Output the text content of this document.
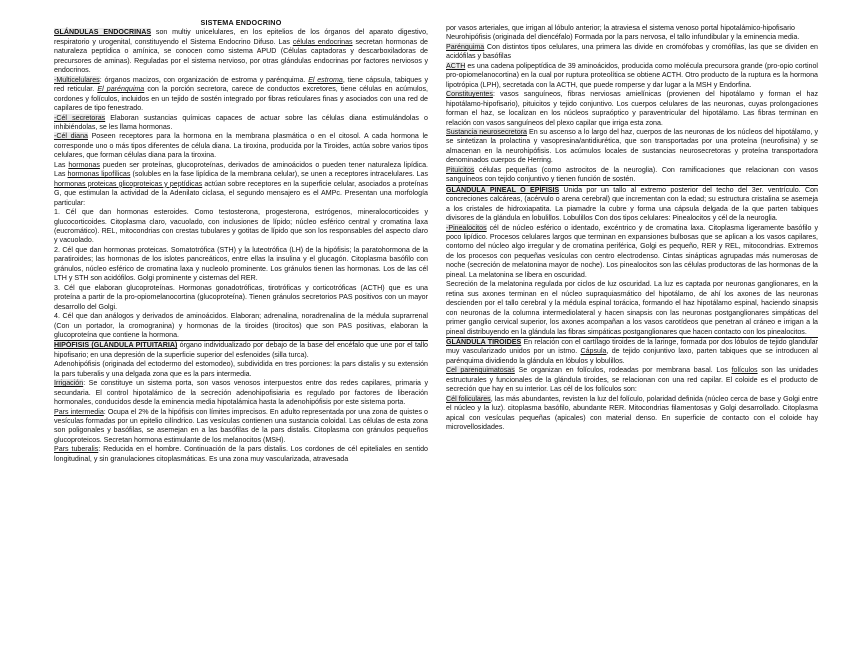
SISTEMA ENDOCRINO

GLÁNDULAS ENDOCRINAS son multiy unicelulares, en los epitelios de los órganos del aparato digestivo, respiratorio y urogenital, constituyendo el Sistema Endocrino Difuso. Las células endocrinas secretan hormonas de naturaleza peptídica o amínica, se conocen como sistema APUD (Células captadoras y descarboxiladoras de precursores de aminas). Reguladas por el sistema nervioso, por otras glándulas endocrinas por factores nerviosos y endocrinos.

-Multicelulares: órganos macizos, con organización de estroma y parénquima. El estroma, tiene cápsula, tabiques y red reticular. El parénquima con la porción secretora, carece de conductos excretores, tiene células en acúmulos, cordones y folículos, incluidos en un tejido de sostén integrado por fibras reticulares finas y asociados con una red de capilares de tipo fenestrado.

-Cél secretoras Elaboran sustancias químicas capaces de actuar sobre las células diana estimulándolas o inhibiéndolas, se les llama hormonas.

-Cél diana Poseen receptores para la hormona en la membrana plasmática o en el citosol. A cada hormona le corresponde uno o más tipos diferentes de célula diana. La tiroxina, producida por la Tiroides, actúa sobre varios tipos celulares, que forman células diana para la tiroxina.

Las hormonas pueden ser proteínas, glucoproteínas, derivados de aminoácidos o pueden tener naturaleza lipídica. Las hormonas lipofílicas (solubles en la fase lipídica de la membrana celular), se unen a receptores intracelulares. Las hormonas proteicas glicoproteicas y peptídicas actúan sobre receptores en la superficie celular, asociados a proteínas G, que estimulan la actividad de la Adenilato ciclasa, el segundo mensajero es el AMPc. Presentan una morfología particular:

1. Cél que dan hormonas esteroides. Como testosterona, progesterona, estrógenos, mineralocorticoides y glucocorticoides. Citoplasma claro, vacuolado, con inclusiones de lípido; núcleo esférico central y cromatina laxa (eucromático). REL, mitocondrias con crestas tubulares y gotitas de lípido que son los responsables del aspecto claro y vacuolado.

2. Cél que dan hormonas proteicas. Somatotrófica (STH) y la luteotrófica (LH) de la hipófisis; la paratohormona de la paratiroides; las hormonas de los islotes pancreáticos, entre ellas la insulina y el glucagón. Citoplasma basófilo con gránulos, núcleo esférico de cromatina laxa y nucleolo prominente. Los gránulos tienen las hormonas. Los de las cél LTH y STH son acidófilos. Golgi prominente y cisternas del RER.

3. Cél que elaboran glucoproteínas. Hormonas gonadotróficas, tirotróficas y corticotróficas (ACTH) que es una proteína a partir de la pro-opiomelanocortina (glucoproteína). Tienen gránulos secretorios PAS positivos con un mayor desarrollo del Golgi.

4. Cél que dan análogos y derivados de aminoácidos. Elaboran; adrenalina, noradrenalina de la médula suprarrenal (Con un portador, la cromogranina) y hormonas de la tiroides (tirocitos) que son PAS positivas, elaboran la glucoproteína que contiene la hormona.

HIPÓFISIS (GLÁNDULA PITUITARIA) órgano individualizado por debajo de la base del encéfalo que une por el tallo hipofisario; en una depresión de la superficie superior del esfenoides (silla turca).

Adenohipófisis (originada del ectodermo del estomodeo), subdividida en tres porciones: la pars distalis y su extensión la pars tuberalis y una delgada zona que es la pars intermedia.

Irrigación: Se constituye un sistema porta, son vasos venosos interpuestos entre dos redes capilares, primaria y secundaria. El control hipotalámico de la secreción adenohipofisiaria es regulado por factores de liberación hormonales, conducidos desde la eminencia media hipotalámica hasta la adenohipófisis por este sistema porta.

Pars intermedia: Ocupa el 2% de la hipófisis con límites imprecisos. En adulto representada por una zona de quistes o vesículas formadas por un epitelio cilíndrico. Las vesículas contienen una sustancia coloidal. Las células de esta zona son poligonales y basófilas, se asemejan en a las basófilas de la pars distalis. Citoplasma con gránulos pequeños glucoproteicos. Secretan hormona estimulante de los melanocitos (MSH).

Pars tuberalis: Reducida en el hombre. Continuación de la pars distalis. Los cordones de cél epiteliales en sentido longitudinal, y sin granulaciones citoplasmáticas. Es una zona muy vascularizada, atravesada

por vasos arteriales, que irrigan al lóbulo anterior; la atraviesa el sistema venoso portal hipotalámico-hipofisario

Neurohipófisis (originada del diencéfalo) Formada por la pars nervosa, el tallo infundibular y la eminencia media.

Parénquima Con distintos tipos celulares, una primera las divide en cromófobas y cromófilas, las que se dividen en acidófilas y basófilas

ACTH es una cadena polipeptídica de 39 aminoácidos, producida como molécula precursora grande (pro-opio cortinol pro-opiomelanocortina) en la cual por ruptura proteolítica se obtiene ACTH. Otro producto de la ruptura es la hormona lipotrópica (LPH), secretada con la ACTH, que puede romperse y dar lugar a la MSH y Endorfina.

Constituyentes: vasos sanguíneos, fibras nerviosas amielínicas (provienen del hipotálamo y forman el haz hipotálamo-hipofisario), pituicitos y tejido conjuntivo. Los cuerpos celulares de las neuronas, cuyas prolongaciones forman el haz, se localizan en los núcleos supraóptico y paraventricular del hipotálamo. Las fibras terminan en relación con vasos sanguíneos del plexo capilar que irriga esta zona.

Sustancia neurosecretora En su ascenso a lo largo del haz, cuerpos de las neuronas de los núcleos del hipotálamo, y se sintetizan la prolactina y vasopresina/antidiurética, que son transportadas por una proteína (neurofisina) y se almacenan en la neurohipófisis. Los acúmulos locales de sustancias neurosecretoras y proteína transportadora denominados cuerpos de Herring.

Pituicitos células pequeñas (como astrocitos de la neuroglia). Con ramificaciones que relacionan con vasos sanguíneos con tejido conjuntivo y tienen función de sostén.

GLÁNDULA PINEAL O EPÍFISIS Unida por un tallo al extremo posterior del techo del 3er. ventrículo. Con concreciones calcáreas, (acérvulo o arena cerebral) que incrementan con la edad; su estructura cristalina se asemeja a los cristales de hidroxiapatita. La piamadre la cubre y forma una cápsula delgada de la que parten tabiques divisores de la glándula en lobulillos. Lobulillos Con dos tipos celulares: Pinealocitos y cél de la neuroglia.

-Pinealocitos cél de núcleo esférico o identado, excéntrico y de cromatina laxa. Citoplasma ligeramente basófilo y poco lipídico. Procesos celulares largos que terminan en expansiones bulbosas que se aplican a los vasos capilares, contorno del núcleo algo irregular y de cromatina periférica, Golgi es pequeño, RER y REL, mitocondrias. Extremos de los procesos con pequeñas vesículas con centro electrodenso. Cintas sinápticas agrupadas más numerosas de noche (secreción de melatonina mayor de noche). Los pinealocitos son las células productoras de las hormonas de la pineal. La melatonina se libera en oscuridad.

Secreción de la melatonina regulada por ciclos de luz oscuridad. La luz es captada por neuronas ganglionares, en la retina sus axones terminan en el núcleo supraquiasmático del hipotálamo, de ahí los axones de las neuronas descienden por el tallo cerebral y la médula espinal torácica, formando el haz hipotálamo espinal, haciendo sinapsis con neuronas de la columna intermediolateral y hacen sinapsis con las neuronas postganglionares simpáticas del primer ganglio cervical superior, los axones acompañan a los vasos carotídeos que penetran al cráneo e irrigan a la pineal distribuyendo en la glándula las fibras simpáticas postganglionares que hacen contacto con los pinealocitos.

GLÁNDULA TIROIDES En relación con el cartílago tiroides de la laringe, formada por dos lóbulos de tejido glandular muy vascularizado unidos por un istmo. Cápsula, de tejido conjuntivo laxo, parten tabiques que se introducen al parénquima dividiendo la glándula en lóbulos y lobulillos.

Cel parenquimatosas Se organizan en folículos, rodeadas por membrana basal. Los folículos son las unidades estructurales y funcionales de la glándula tiroides, se relacionan con una red capilar. El coloide es el producto de secreción que hay en su interior. Las cél de los folículos son:

Cél foliculares, las más abundantes, revisten la luz del folículo, polaridad definida (núcleo cerca de base y Golgi entre el núcleo y la luz). citoplasma basófilo, abundante RER. Mitocondrias filamentosas y Golgi desarrollado. Citoplasma apical con vesículas pequeñas (apicales) con material denso. En superficie de contacto con el coloide hay microvellosidades.
